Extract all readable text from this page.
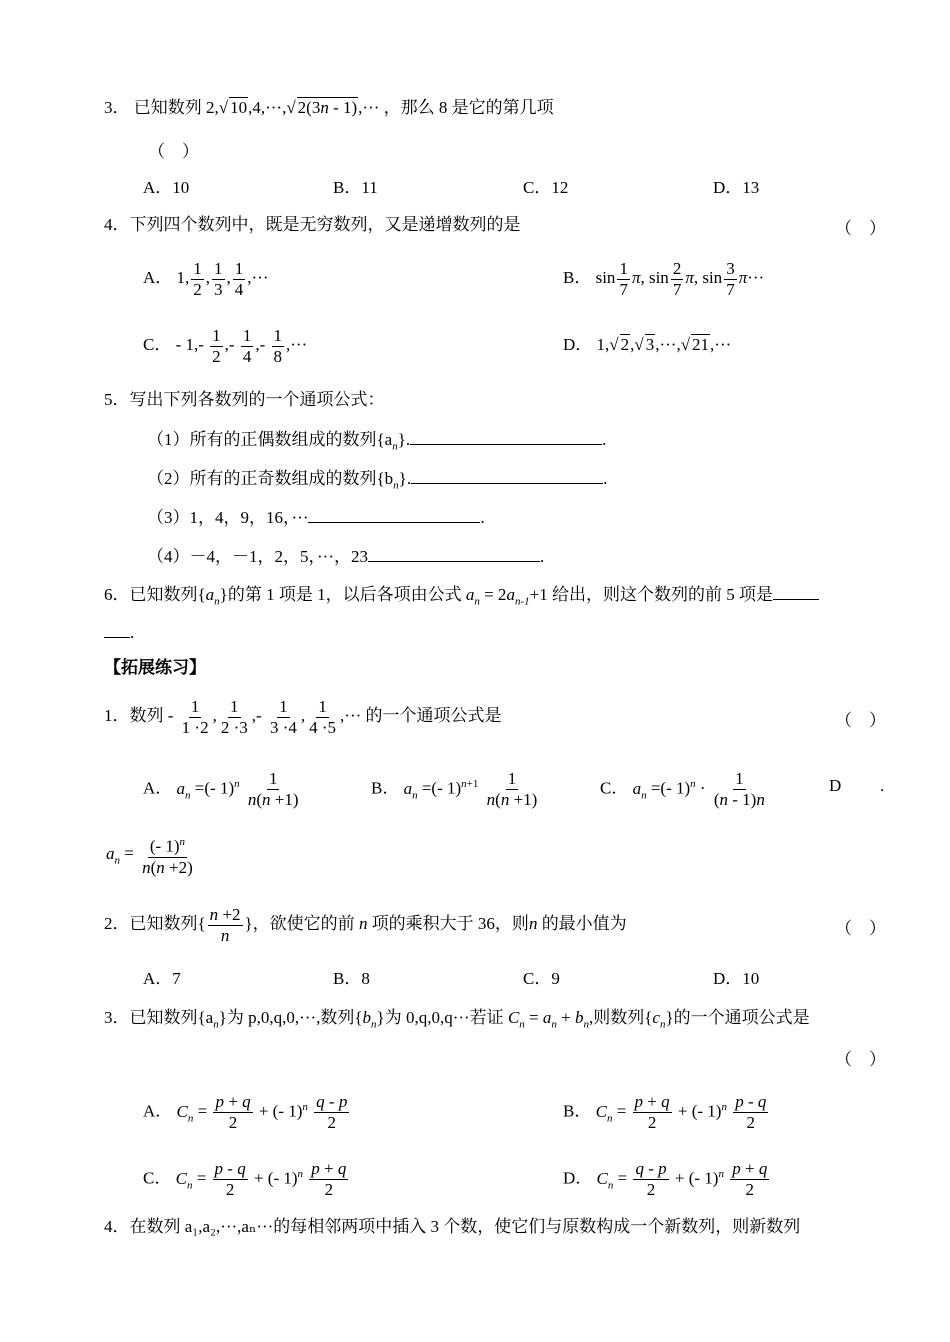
3． 已知数列 2,√ 10,4,···,√ 2(3n - 1),··· ，那么 8 是它的第几项
（　）
A．10	B．11	C．12	D．13
4．下列四个数列中，既是无穷数列，又是递增数列的是	（　）
A． 1, $\frac{1}{2}$ , $\frac{1}{3}$ , $\frac{1}{4}$ ,···	B． $\sin \frac{1}{7} \pi$, $\sin \frac{2}{7} \pi$, $\sin \frac{3}{7} \pi\cdot\cdot\cdot$
C． - $1,- \frac{1}{2}$ ,- $\frac{1}{4}$ ,- $\frac{1}{8}$ ,···	D． 1,√ 2,√ 3,···,√ 21,···
5．写出下列各数列的一个通项公式：
（1）所有的正偶数组成的数列$\{a_n\}$.	.
（2）所有的正奇数组成的数列$\{b_n\}$.	.
（3）1，4，9，16，···	.
（4）－4，－1，2，5，···，23	.
6．已知数列$\{a_n\}$的第 1 项是 1，以后各项由公式 $a_n = 2a_{n-1}+1$ 给出，则这个数列的前 5 项是
.
【拓展练习】
1．数列 - $\frac{1}{1 \cdot 2}$ , $\frac{1}{2 \cdot 3}$ ,- $\frac{1}{3 \cdot 4}$ , $\frac{1}{4 \cdot 5}$ ,··· 的一个通项公式是	（　）
A． $a_n$ =(- $1)^n \frac{1}{n(n +1)}$	B． $a_n$ =(- $1)^{n+1} \frac{1}{n(n +1)}$	C． $a_n$ =(- $1)^n \cdot \frac{1}{(n - 1)n}$	D .
$a_n = \frac{(- 1)^n}{n(n +2)}$
2．已知数列{ $\frac{n +2}{n}$ }，欲使它的前 n 项的乘积大于 36，则n 的最小值为	（　）
A．7	B．8	C．9	D．10
3．已知数列$\{a_n\}$为 p,0,q,0,···,数列$\{b_n\}$为 0,q,0,q···若证 $C_n = a_n + b_n$,则数列$\{c_n\}$的一个通项公式是
（　）
A． $C_n = \frac{p + q}{2}$ + (- $1)^n \frac{q - p}{2}$	B． $C_n = \frac{p + q}{2}$ + (- $1)^n \frac{p - q}{2}$
C． $C_n = \frac{p - q}{2}$ + (- $1)^n \frac{p + q}{2}$	D． $C_n = \frac{q - p}{2}$ + (- $1)^n \frac{p + q}{2}$
4．在数列 a₁,a₂,···,aₙ···的每相邻两项中插入 3 个数，使它们与原数构成一个新数列，则新数列
